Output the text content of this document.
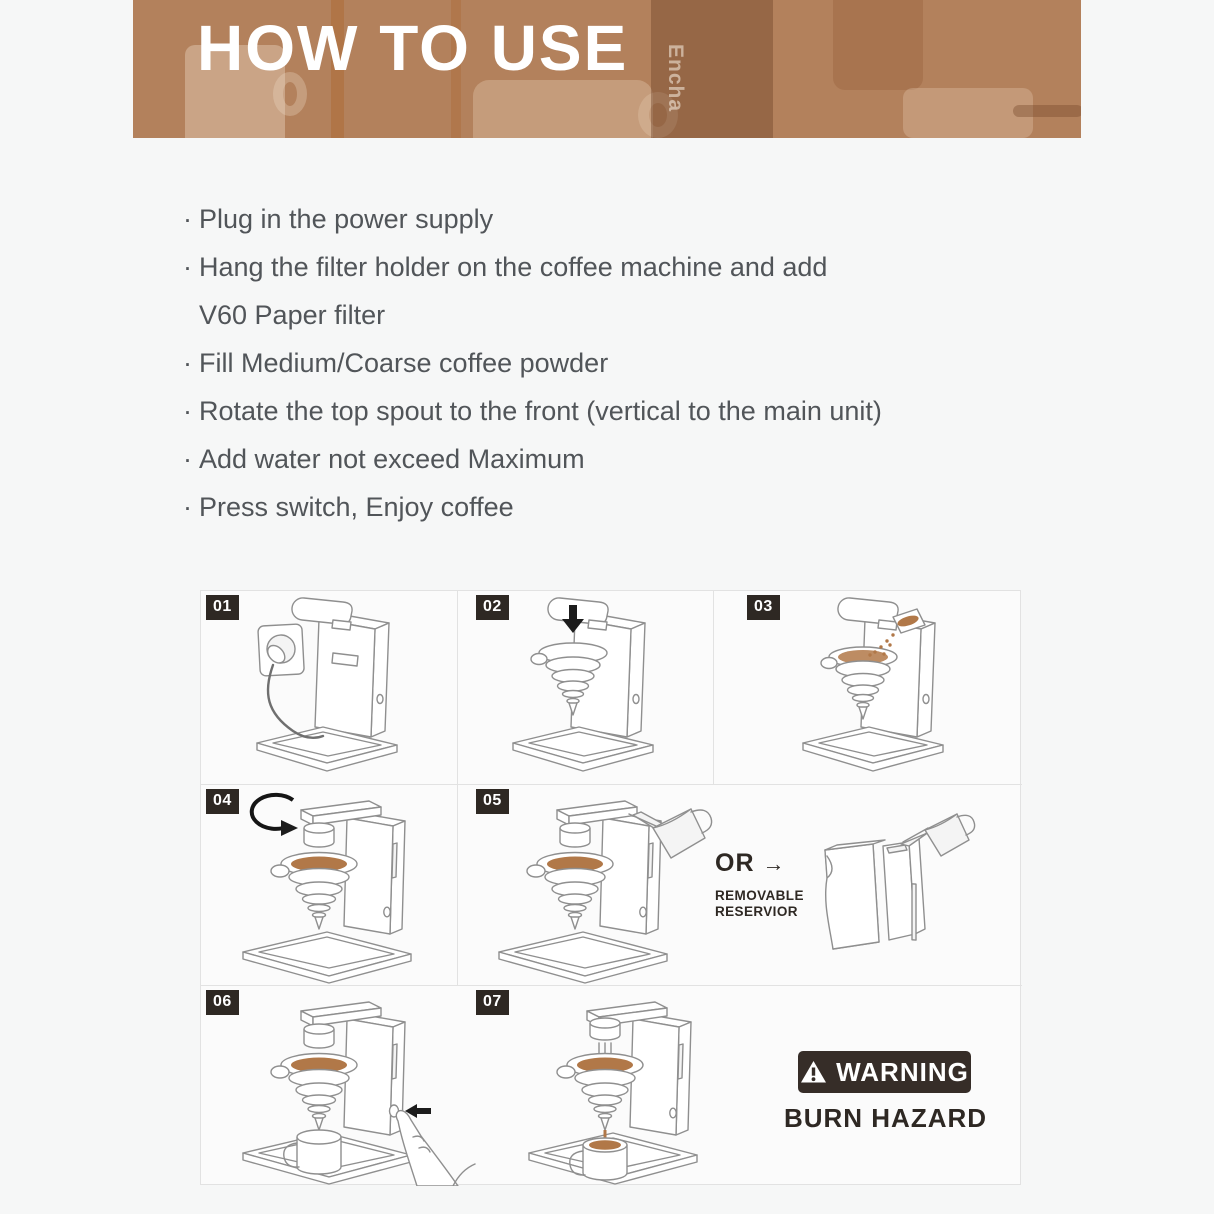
Encha
HOW TO USE
· Plug in the power supply
· Hang the filter holder on the coffee machine and add
V60 Paper filter
· Fill Medium/Coarse coffee powder
· Rotate the top spout to the front (vertical to the main unit)
· Add water not exceed Maximum
· Press switch, Enjoy coffee
01	02	03
04	05
06	07
OR →
REMOVABLE
RESERVIOR
WARNING
BURN HAZARD
